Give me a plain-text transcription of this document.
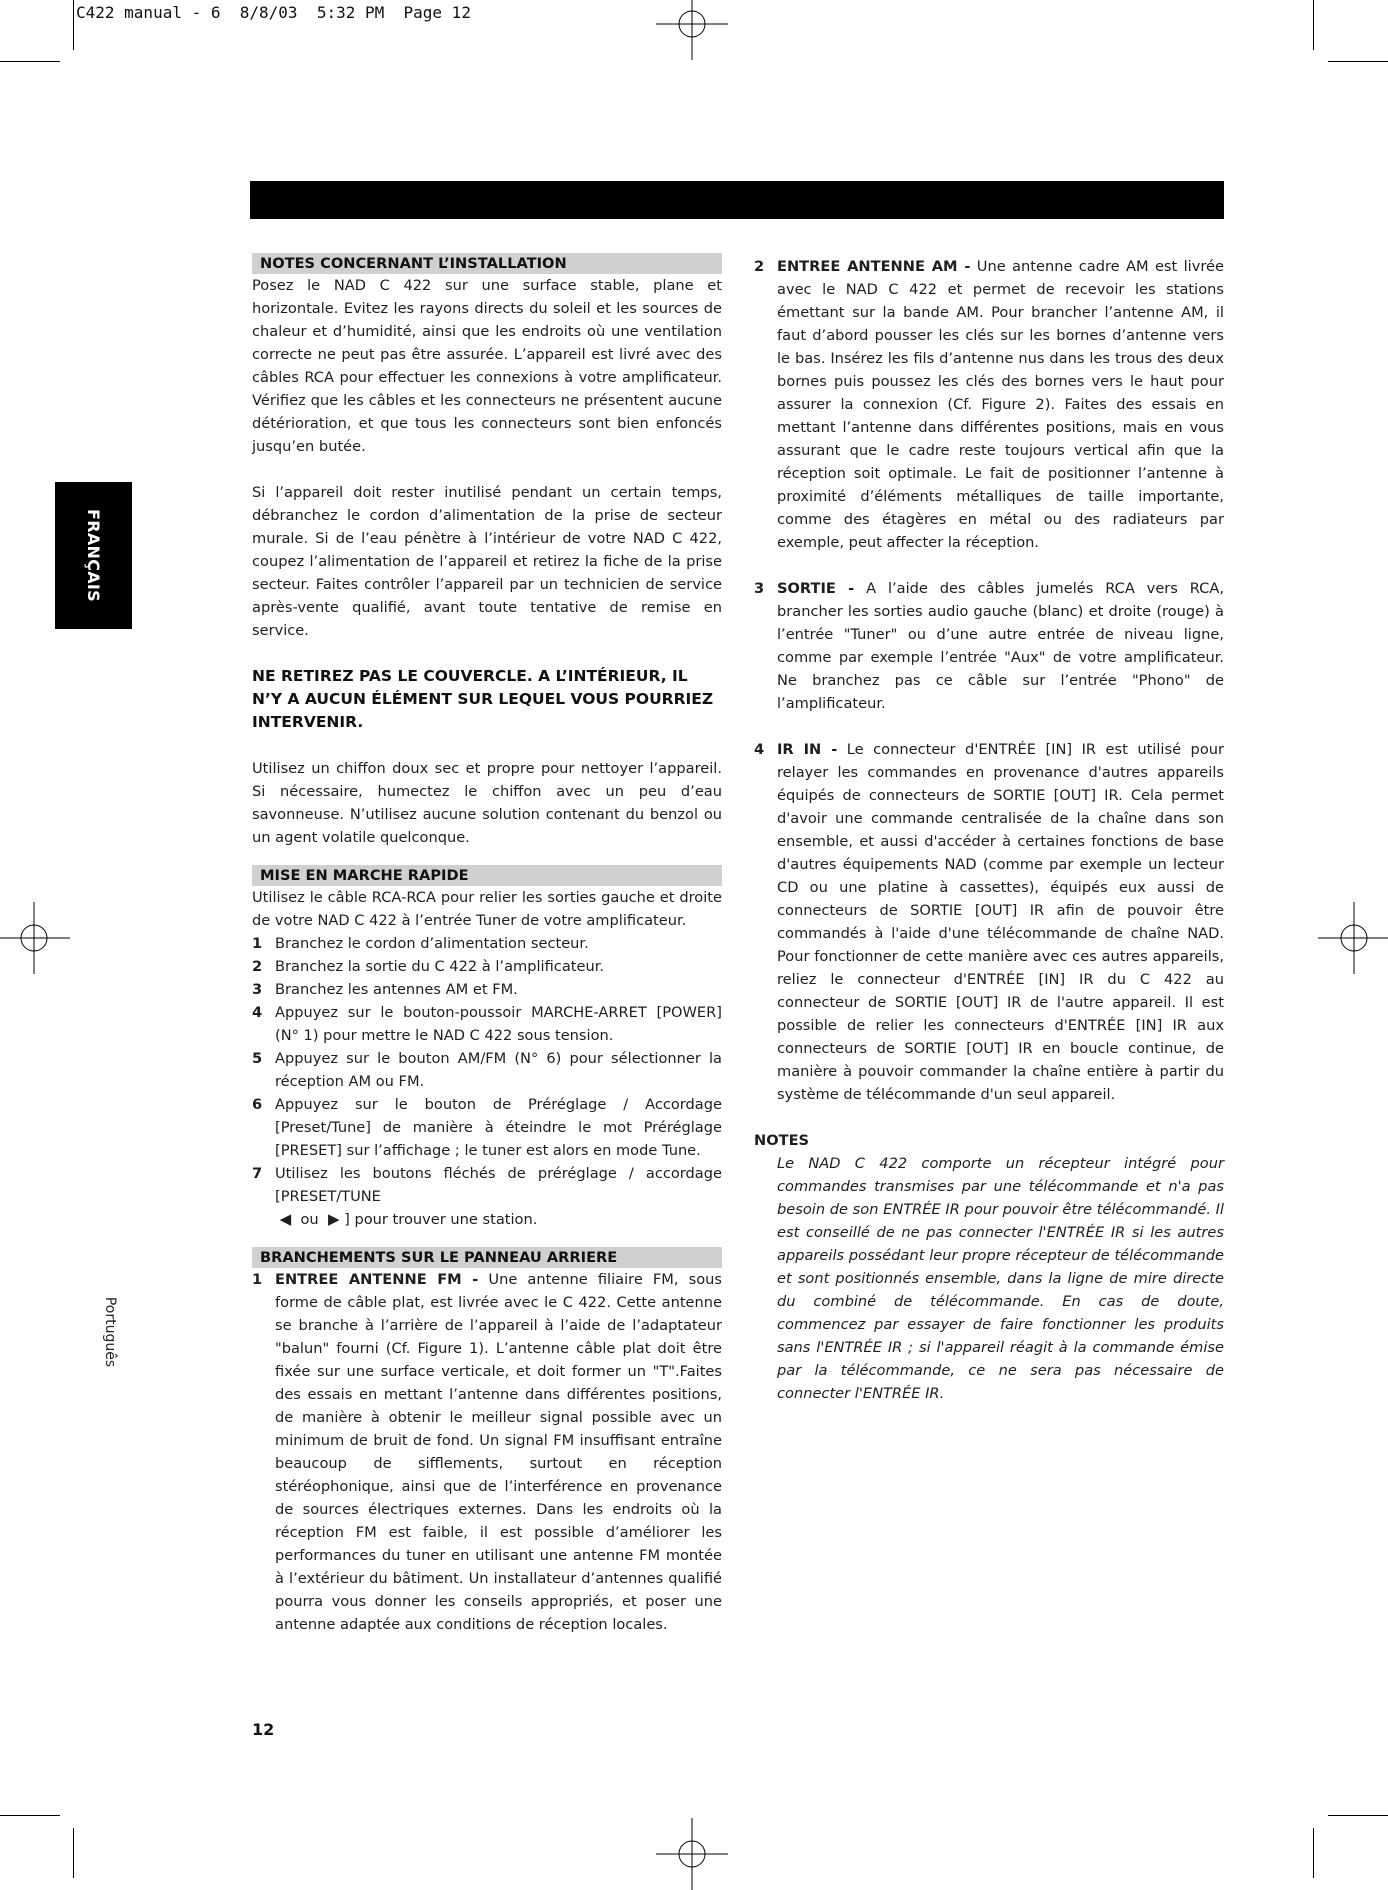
C422 manual - 6  8/8/03  5:32 PM  Page 12
FRANÇAIS
Português
NOTES CONCERNANT L’INSTALLATION

Posez le NAD C 422 sur une surface stable, plane et horizontale. Evitez les rayons directs du soleil et les sources de chaleur et d’humidité, ainsi que les endroits où une ventilation correcte ne peut pas être assurée. L’appareil est livré avec des câbles RCA pour effectuer les connexions à votre amplificateur. Vérifiez que les câbles et les connecteurs ne présentent aucune détérioration, et que tous les connecteurs sont bien enfoncés jusqu’en butée.

Si l’appareil doit rester inutilisé pendant un certain temps, débranchez le cordon d’alimentation de la prise de secteur murale. Si de l’eau pénètre à l’intérieur de votre NAD C 422, coupez l’alimentation de l’appareil et retirez la fiche de la prise secteur. Faites contrôler l’appareil par un technicien de service après-vente qualifié, avant toute tentative de remise en service.

NE RETIREZ PAS LE COUVERCLE. A L’INTÉRIEUR, IL N’Y A AUCUN ÉLÉMENT SUR LEQUEL VOUS POURRIEZ INTERVENIR.

Utilisez un chiffon doux sec et propre pour nettoyer l’appareil. Si nécessaire, humectez le chiffon avec un peu d’eau savonneuse. N’utilisez aucune solution contenant du benzol ou un agent volatile quelconque.

MISE EN MARCHE RAPIDE

Utilisez le câble RCA-RCA pour relier les sorties gauche et droite de votre NAD C 422 à l’entrée Tuner de votre amplificateur.

1 Branchez le cordon d’alimentation secteur.
2 Branchez la sortie du C 422 à l’amplificateur.
3 Branchez les antennes AM et FM.
4 Appuyez sur le bouton-poussoir MARCHE-ARRET [POWER] (N° 1) pour mettre le NAD C 422 sous tension.
5 Appuyez sur le bouton AM/FM (N° 6) pour sélectionner la réception AM ou FM.
6 Appuyez sur le bouton de Préréglage / Accordage [Preset/Tune] de manière à éteindre le mot Préréglage [PRESET] sur l’affichage ; le tuner est alors en mode Tune.
7 Utilisez les boutons fléchés de préréglage / accordage [PRESET/TUNE
◀ ou ▶ ] pour trouver une station.
BRANCHEMENTS SUR LE PANNEAU ARRIERE
1 ENTREE ANTENNE FM - Une antenne filiaire FM, sous forme de câble plat, est livrée avec le C 422. Cette antenne se branche à l’arrière de l’appareil à l’aide de l’adaptateur "balun" fourni (Cf. Figure 1). L’antenne câble plat doit être fixée sur une surface verticale, et doit former un "T".Faites des essais en mettant l’antenne dans différentes positions, de manière à obtenir le meilleur signal possible avec un minimum de bruit de fond. Un signal FM insuffisant entraîne beaucoup de sifflements, surtout en réception stéréophonique, ainsi que de l’interférence en provenance de sources électriques externes. Dans les endroits où la réception FM est faible, il est possible d’améliorer les performances du tuner en utilisant une antenne FM montée à l’extérieur du bâtiment. Un installateur d’antennes qualifié pourra vous donner les conseils appropriés, et poser une antenne adaptée aux conditions de réception locales.
2 ENTREE ANTENNE AM - Une antenne cadre AM est livrée avec le NAD C 422 et permet de recevoir les stations émettant sur la bande AM. Pour brancher l’antenne AM, il faut d’abord pousser les clés sur les bornes d’antenne vers le bas. Insérez les fils d’antenne nus dans les trous des deux bornes puis poussez les clés des bornes vers le haut pour assurer la connexion (Cf. Figure 2). Faites des essais en mettant l’antenne dans différentes positions, mais en vous assurant que le cadre reste toujours vertical afin que la réception soit optimale. Le fait de positionner l’antenne à proximité d’éléments métalliques de taille importante, comme des étagères en métal ou des radiateurs par exemple, peut affecter la réception.
3 SORTIE - A l’aide des câbles jumelés RCA vers RCA, brancher les sorties audio gauche (blanc) et droite (rouge) à l’entrée "Tuner" ou d’une autre entrée de niveau ligne, comme par exemple l’entrée "Aux" de votre amplificateur. Ne branchez pas ce câble sur l’entrée "Phono" de l’amplificateur.
4 IR IN - Le connecteur d'ENTRÉE [IN] IR est utilisé pour relayer les commandes en provenance d'autres appareils équipés de connecteurs de SORTIE [OUT] IR. Cela permet d'avoir une commande centralisée de la chaîne dans son ensemble, et aussi d'accéder à certaines fonctions de base d'autres équipements NAD (comme par exemple un lecteur CD ou une platine à cassettes), équipés eux aussi de connecteurs de SORTIE [OUT] IR afin de pouvoir être commandés à l'aide d'une télécommande de chaîne NAD. Pour fonctionner de cette manière avec ces autres appareils, reliez le connecteur d'ENTRÉE [IN] IR du C 422 au connecteur de SORTIE [OUT] IR de l'autre appareil. Il est possible de relier les connecteurs d'ENTRÉE [IN] IR aux connecteurs de SORTIE [OUT] IR en boucle continue, de manière à pouvoir commander la chaîne entière à partir du système de télécommande d'un seul appareil.

NOTES

Le NAD C 422 comporte un récepteur intégré pour commandes transmises par une télécommande et n'a pas besoin de son ENTRÉE IR pour pouvoir être télécommandé. Il est conseillé de ne pas connecter l'ENTRÉE IR si les autres appareils possédant leur propre récepteur de télécommande et sont positionnés ensemble, dans la ligne de mire directe du combiné de télécommande. En cas de doute, commencez par essayer de faire fonctionner les produits sans l'ENTRÉE IR ; si l'appareil réagit à la commande émise par la télécommande, ce ne sera pas nécessaire de connecter l'ENTRÉE IR.

12
